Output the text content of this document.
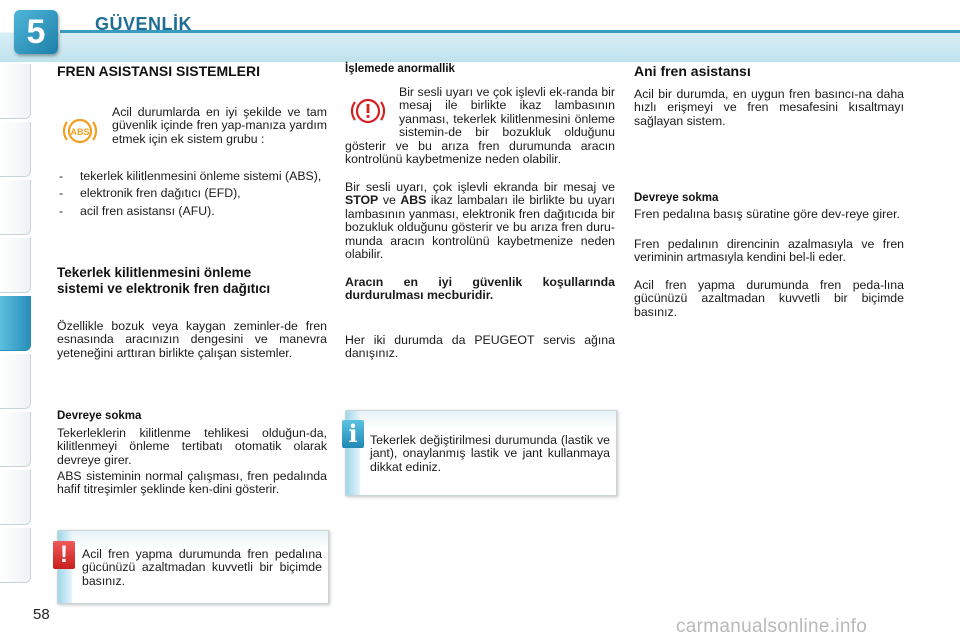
5	GÜVENLİK
FREN ASISTANSI SISTEMLERI
ABS
Acil durumlarda en iyi şekilde ve tam güvenlik içinde fren yap-manıza yardım etmek için ek sistem grubu :
- tekerlek kilitlenmesini önleme sistemi (ABS),
- elektronik fren dağıtıcı (EFD),
- acil fren asistansı (AFU).
Tekerlek kilitlenmesini önleme sistemi ve elektronik fren dağıtıcı
Özellikle bozuk veya kaygan zeminler-de fren esnasında aracınızın dengesini ve manevra yeteneğini arttıran birlikte çalışan sistemler.
Devreye sokma
Tekerleklerin kilitlenme tehlikesi olduğun-da, kilitlenmeyi önleme tertibatı otomatik olarak devreye girer.
ABS sisteminin normal çalışması, fren pedalında hafif titreşimler şeklinde ken-dini gösterir.
Acil fren yapma durumunda fren pedalına gücünüzü azaltmadan kuvvetli bir biçimde basınız.
!
İşlemede anormallik
Bir sesli uyarı ve çok işlevli ek-randa bir mesaj ile birlikte ikaz lambasının yanması, tekerlek kilitlenmesini önleme sistemin-de bir bozukluk olduğunu gösterir ve bu arıza fren durumunda aracın kontrolünü kaybetmenize neden olabilir.
Bir sesli uyarı, çok işlevli ekranda bir mesaj ve STOP ve ABS ikaz lambaları ile birlikte bu uyarı lambasının yanması, elektronik fren dağıtıcıda bir bozukluk olduğunu gösterir ve bu arıza fren duru-munda aracın kontrolünü kaybetmenize neden olabilir.
Aracın en iyi güvenlik koşullarında durdurulması mecburidir.
Her iki durumda da PEUGEOT servis ağına danışınız.
Tekerlek değiştirilmesi durumunda (lastik ve jant), onaylanmış lastik ve jant kullanmaya dikkat ediniz.
i
Ani fren asistansı
Acil bir durumda, en uygun fren basıncı-na daha hızlı erişmeyi ve fren mesafesini kısaltmayı sağlayan sistem.
Devreye sokma
Fren pedalına basış süratine göre dev-reye girer.
Fren pedalının direncinin azalmasıyla ve fren veriminin artmasıyla kendini bel-li eder.
Acil fren yapma durumunda fren peda-lına gücünüzü azaltmadan kuvvetli bir biçimde basınız.
58
carmanualsonline.info
